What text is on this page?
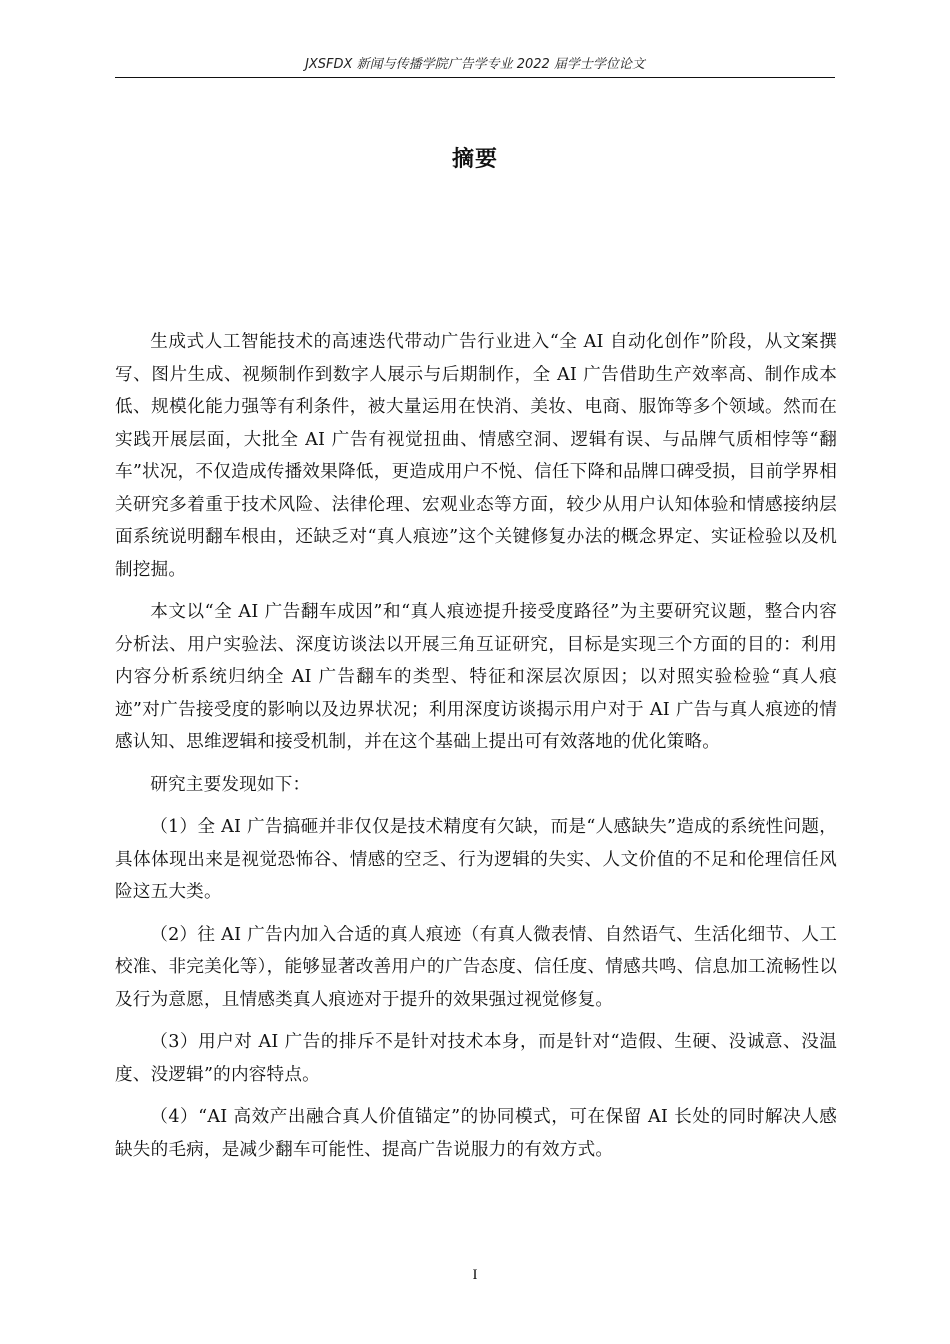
JXSFDX 新闻与传播学院广告学专业 2022 届学士学位论文
摘要

生成式人工智能技术的高速迭代带动广告行业进入“全 AI 自动化创作”阶段，从文案撰写、图片生成、视频制作到数字人展示与后期制作，全 AI 广告借助生产效率高、制作成本低、规模化能力强等有利条件，被大量运用在快消、美妆、电商、服饰等多个领域。然而在实践开展层面，大批全 AI 广告有视觉扭曲、情感空洞、逻辑有误、与品牌气质相悖等“翻车”状况，不仅造成传播效果降低，更造成用户不悦、信任下降和品牌口碑受损，目前学界相关研究多着重于技术风险、法律伦理、宏观业态等方面，较少从用户认知体验和情感接纳层面系统说明翻车根由，还缺乏对“真人痕迹”这个关键修复办法的概念界定、实证检验以及机制挖掘。

本文以“全 AI 广告翻车成因”和“真人痕迹提升接受度路径”为主要研究议题，整合内容分析法、用户实验法、深度访谈法以开展三角互证研究，目标是实现三个方面的目的：利用内容分析系统归纳全 AI 广告翻车的类型、特征和深层次原因；以对照实验检验“真人痕迹”对广告接受度的影响以及边界状况；利用深度访谈揭示用户对于 AI 广告与真人痕迹的情感认知、思维逻辑和接受机制，并在这个基础上提出可有效落地的优化策略。

研究主要发现如下：

（1）全 AI 广告搞砸并非仅仅是技术精度有欠缺，而是“人感缺失”造成的系统性问题，具体体现出来是视觉恐怖谷、情感的空乏、行为逻辑的失实、人文价值的不足和伦理信任风险这五大类。

（2）往 AI 广告内加入合适的真人痕迹（有真人微表情、自然语气、生活化细节、人工校准、非完美化等），能够显著改善用户的广告态度、信任度、情感共鸣、信息加工流畅性以及行为意愿，且情感类真人痕迹对于提升的效果强过视觉修复。

（3）用户对 AI 广告的排斥不是针对技术本身，而是针对“造假、生硬、没诚意、没温度、没逻辑”的内容特点。

（4）“AI 高效产出融合真人价值锚定”的协同模式，可在保留 AI 长处的同时解决人感缺失的毛病，是减少翻车可能性、提高广告说服力的有效方式。

I
